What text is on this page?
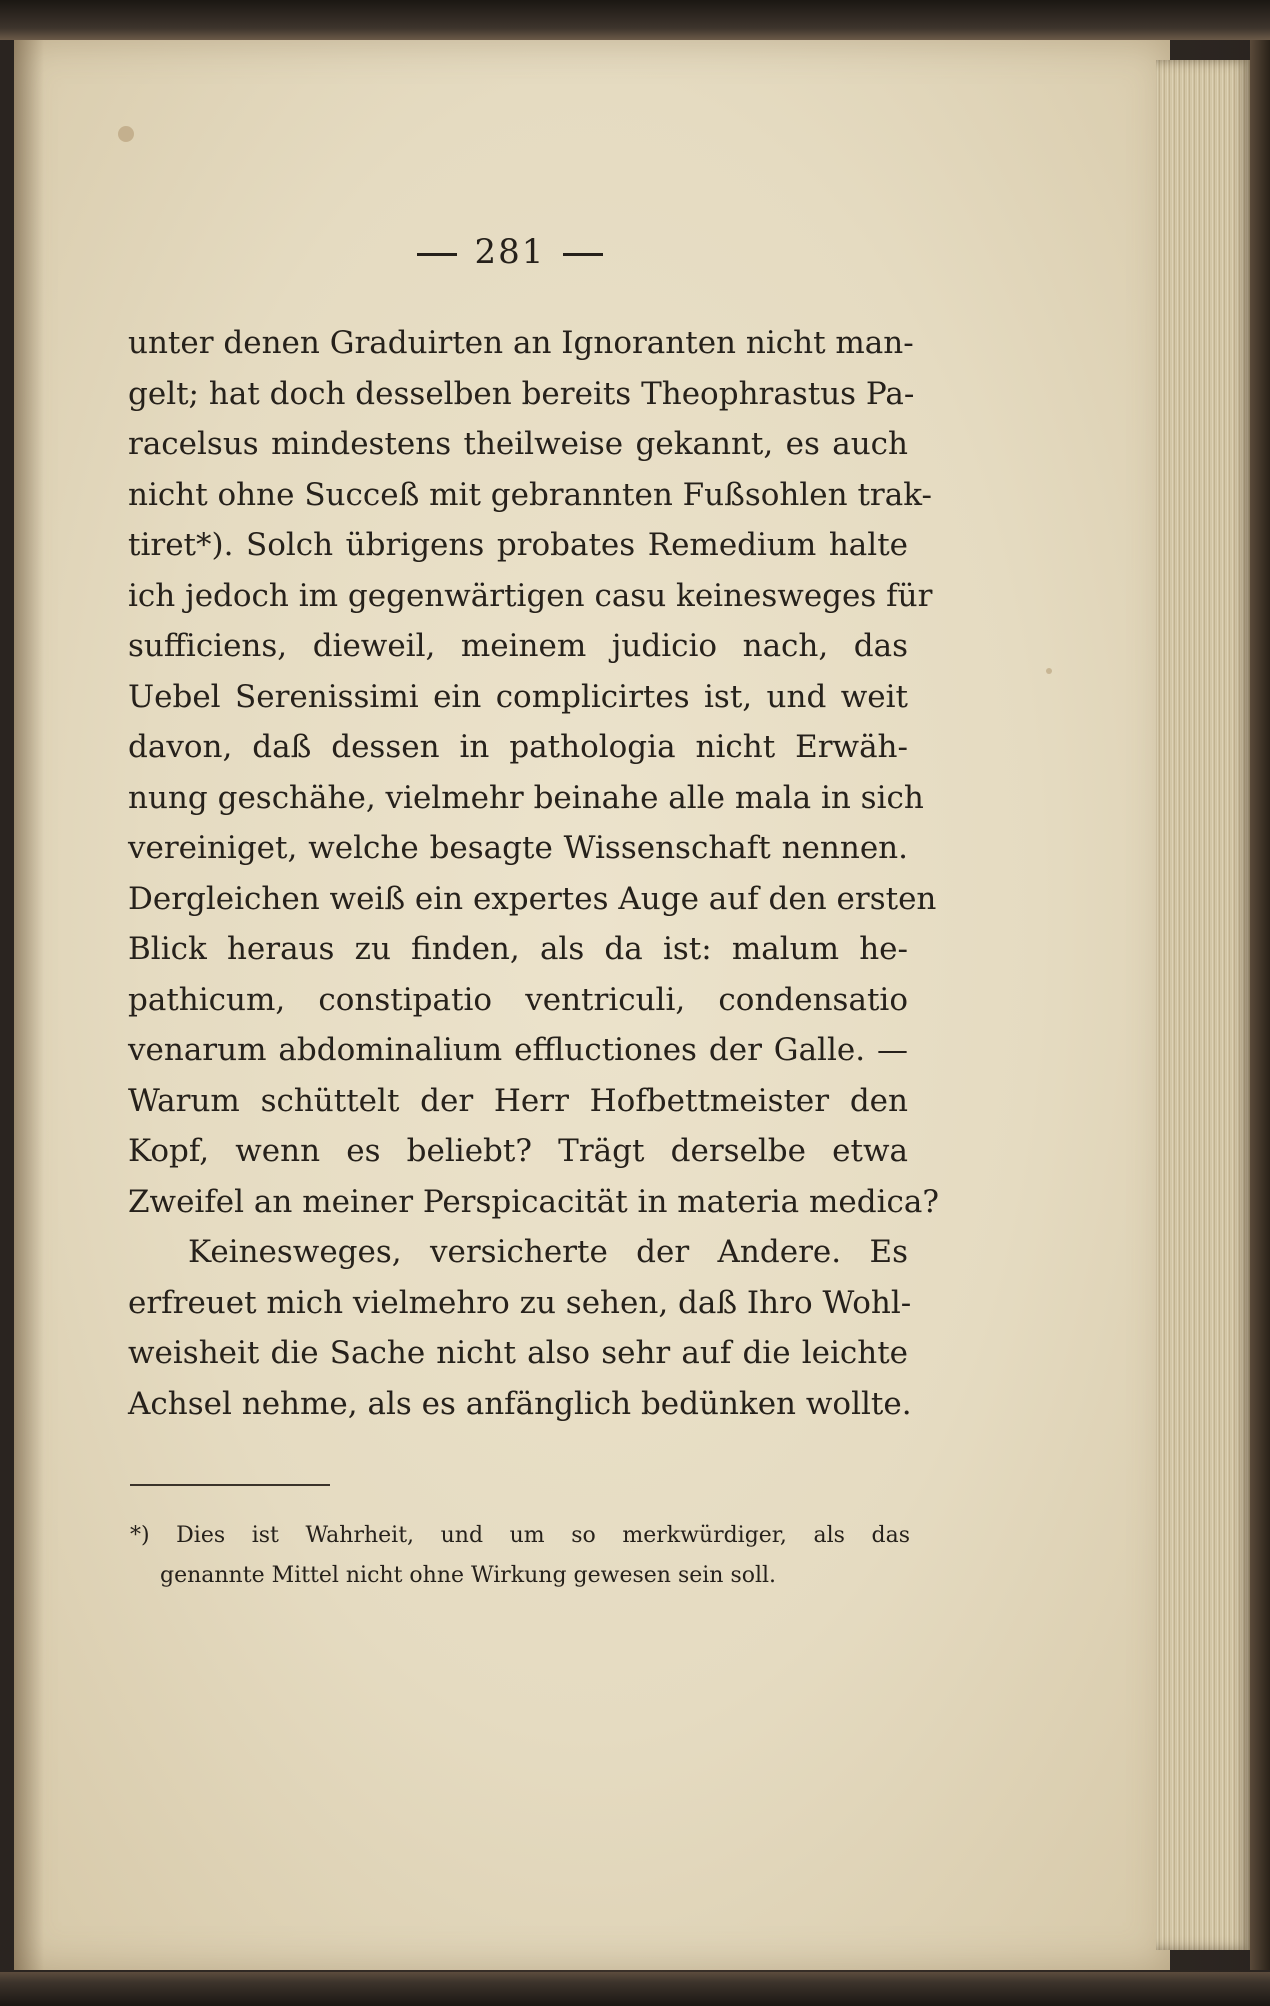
281
unter denen Graduirten an Ignoranten nicht man-
gelt; hat doch desselben bereits Theophrastus Pa-
racelsus mindestens theilweise gekannt, es auch
nicht ohne Succeß mit gebrannten Fußsohlen trak-
tiret*). Solch übrigens probates Remedium halte
ich jedoch im gegenwärtigen casu keinesweges für
sufficiens, dieweil, meinem judicio nach, das
Uebel Serenissimi ein complicirtes ist, und weit
davon, daß dessen in pathologia nicht Erwäh-
nung geschähe, vielmehr beinahe alle mala in sich
vereiniget, welche besagte Wissenschaft nennen.
Dergleichen weiß ein expertes Auge auf den ersten
Blick heraus zu finden, als da ist: malum he-
pathicum, constipatio ventriculi, condensatio
venarum abdominalium effluctiones der Galle. —
Warum schüttelt der Herr Hofbettmeister den
Kopf, wenn es beliebt? Trägt derselbe etwa
Zweifel an meiner Perspicacität in materia medica?
Keinesweges, versicherte der Andere. Es
erfreuet mich vielmehro zu sehen, daß Ihro Wohl-
weisheit die Sache nicht also sehr auf die leichte
Achsel nehme, als es anfänglich bedünken wollte.
*) Dies ist Wahrheit, und um so merkwürdiger, als das
genannte Mittel nicht ohne Wirkung gewesen sein soll.
